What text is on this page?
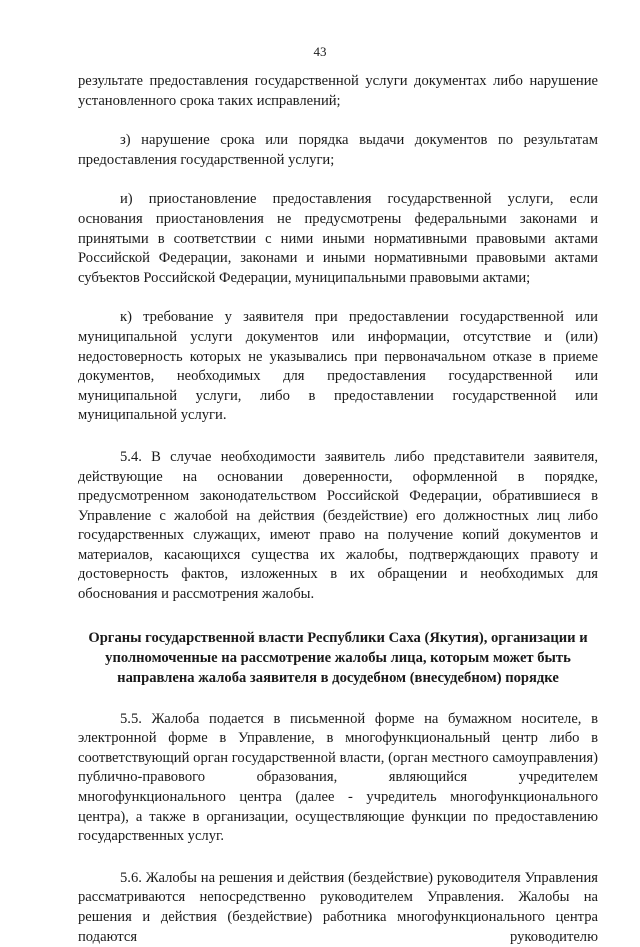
43

результате предоставления государственной услуги документах либо нарушение установленного срока таких исправлений;

з) нарушение срока или порядка выдачи документов по результатам предоставления государственной услуги;

и) приостановление предоставления государственной услуги, если основания приостановления не предусмотрены федеральными законами и принятыми в соответствии с ними иными нормативными правовыми актами Российской Федерации, законами и иными нормативными правовыми актами субъектов Российской Федерации, муниципальными правовыми актами;

к) требование у заявителя при предоставлении государственной или муниципальной услуги документов или информации, отсутствие и (или) недостоверность которых не указывались при первоначальном отказе в приеме документов, необходимых для предоставления государственной или муниципальной услуги, либо в предоставлении государственной или муниципальной услуги.

5.4. В случае необходимости заявитель либо представители заявителя, действующие на основании доверенности, оформленной в порядке, предусмотренном законодательством Российской Федерации, обратившиеся в Управление с жалобой на действия (бездействие) его должностных лиц либо государственных служащих, имеют право на получение копий документов и материалов, касающихся существа их жалобы, подтверждающих правоту и достоверность фактов, изложенных в их обращении и необходимых для обоснования и рассмотрения жалобы.

Органы государственной власти Республики Саха (Якутия), организации и уполномоченные на рассмотрение жалобы лица, которым может быть направлена жалоба заявителя в досудебном (внесудебном) порядке

5.5. Жалоба подается в письменной форме на бумажном носителе, в электронной форме в Управление, в многофункциональный центр либо в соответствующий орган государственной власти, (орган местного самоуправления) публично-правового образования, являющийся учредителем многофункционального центра (далее - учредитель многофункционального центра), а также в организации, осуществляющие функции по предоставлению государственных услуг.

5.6. Жалобы на решения и действия (бездействие) руководителя Управления рассматриваются непосредственно руководителем Управления. Жалобы на решения и действия (бездействие) работника многофункционального центра подаются руководителю
